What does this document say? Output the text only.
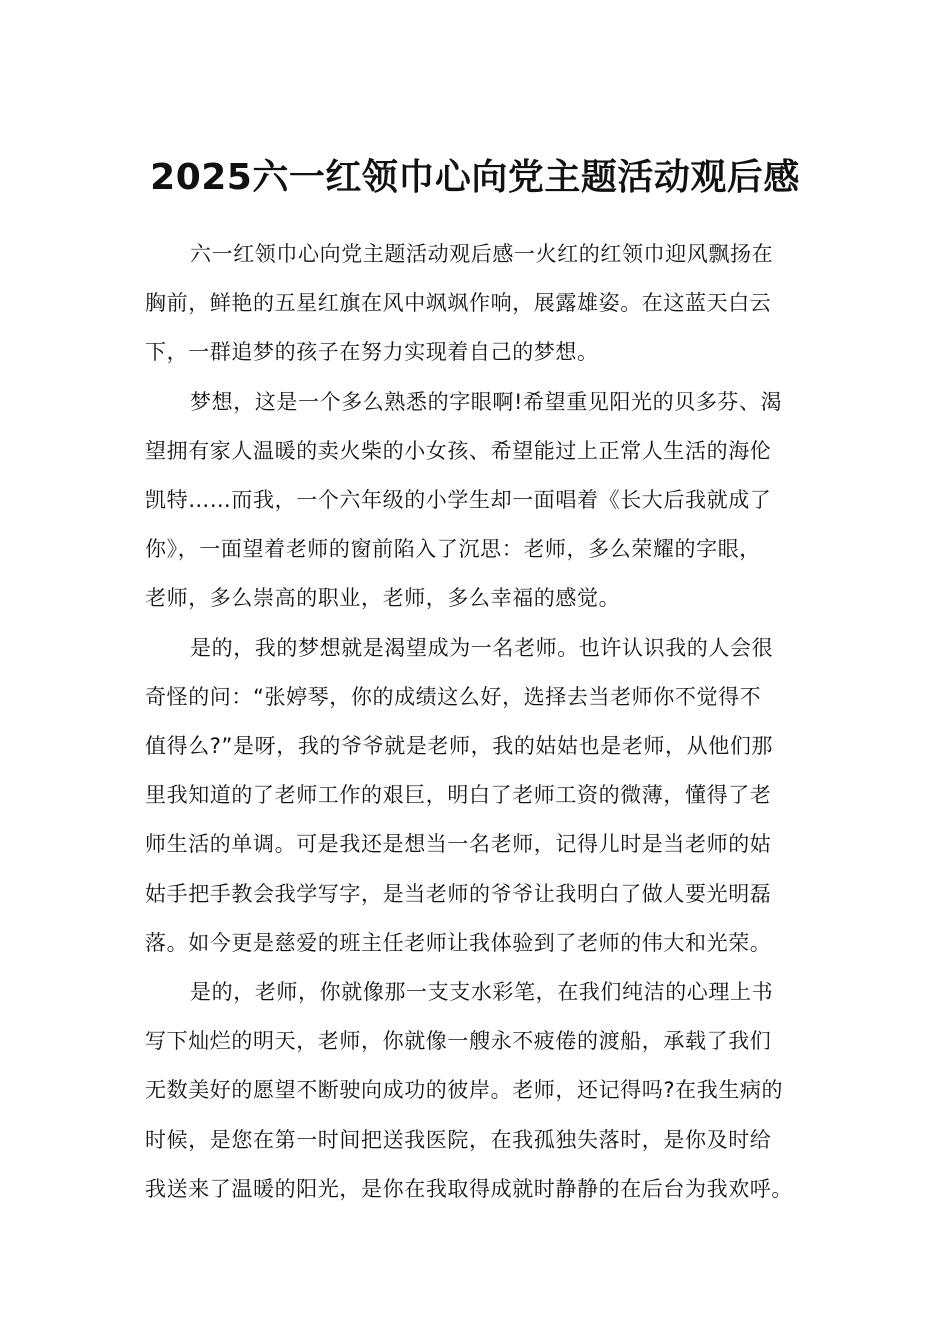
2025六一红领巾心向党主题活动观后感

六一红领巾心向党主题活动观后感一火红的红领巾迎风飘扬在
胸前，鲜艳的五星红旗在风中飒飒作响，展露雄姿。在这蓝天白云
下，一群追梦的孩子在努力实现着自己的梦想。

梦想，这是一个多么熟悉的字眼啊!希望重见阳光的贝多芬、渴
望拥有家人温暖的卖火柴的小女孩、希望能过上正常人生活的海伦
凯特……而我，一个六年级的小学生却一面唱着《长大后我就成了
你》，一面望着老师的窗前陷入了沉思：老师，多么荣耀的字眼，
老师，多么崇高的职业，老师，多么幸福的感觉。

是的，我的梦想就是渴望成为一名老师。也许认识我的人会很
奇怪的问：“张婷琴，你的成绩这么好，选择去当老师你不觉得不
值得么?”是呀，我的爷爷就是老师，我的姑姑也是老师，从他们那
里我知道的了老师工作的艰巨，明白了老师工资的微薄，懂得了老
师生活的单调。可是我还是想当一名老师，记得儿时是当老师的姑
姑手把手教会我学写字，是当老师的爷爷让我明白了做人要光明磊
落。如今更是慈爱的班主任老师让我体验到了老师的伟大和光荣。

是的，老师，你就像那一支支水彩笔，在我们纯洁的心理上书
写下灿烂的明天，老师，你就像一艘永不疲倦的渡船，承载了我们
无数美好的愿望不断驶向成功的彼岸。老师，还记得吗?在我生病的
时候，是您在第一时间把送我医院，在我孤独失落时，是你及时给
我送来了温暖的阳光，是你在我取得成就时静静的在后台为我欢呼。
